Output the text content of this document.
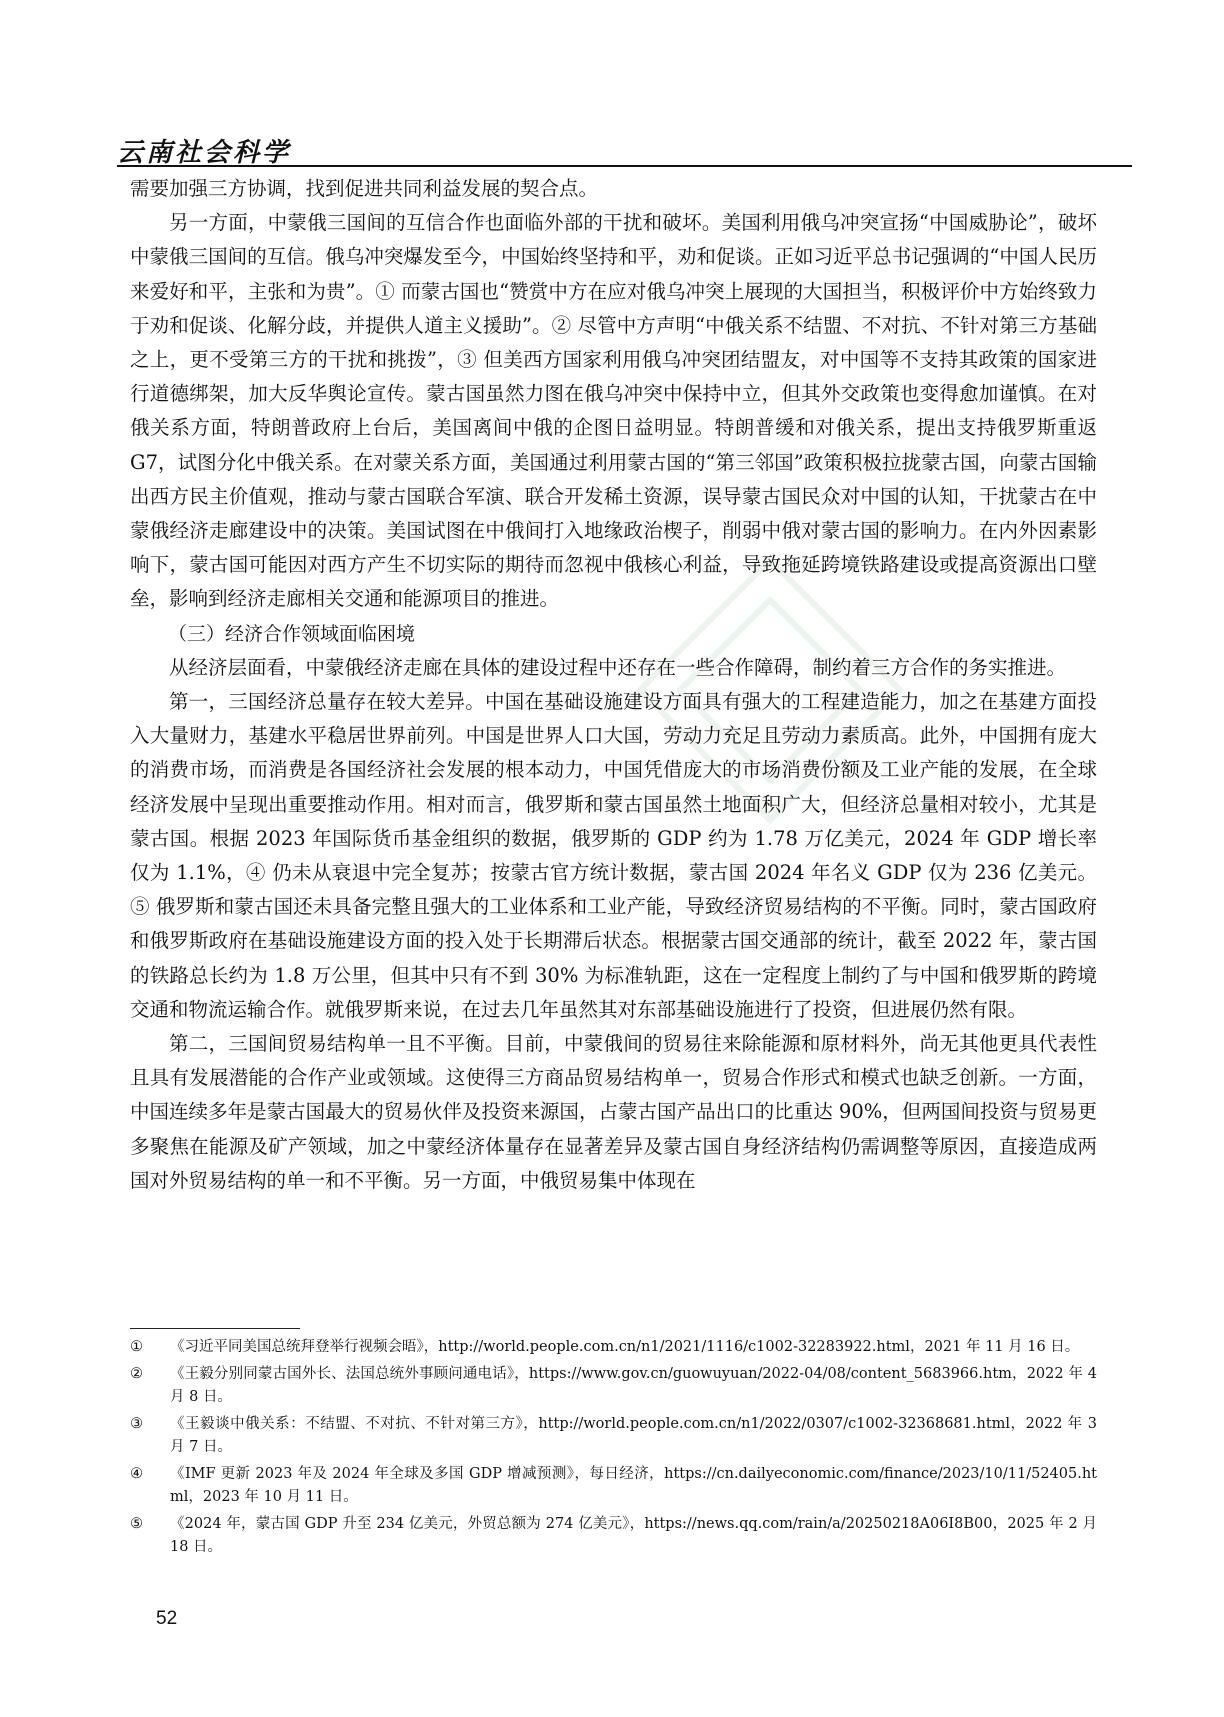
云南社会科学

需要加强三方协调，找到促进共同利益发展的契合点。

另一方面，中蒙俄三国间的互信合作也面临外部的干扰和破坏。美国利用俄乌冲突宣扬“中国威胁论”，破坏中蒙俄三国间的互信。俄乌冲突爆发至今，中国始终坚持和平，劝和促谈。正如习近平总书记强调的“中国人民历来爱好和平，主张和为贵”。① 而蒙古国也“赞赏中方在应对俄乌冲突上展现的大国担当，积极评价中方始终致力于劝和促谈、化解分歧，并提供人道主义援助”。② 尽管中方声明“中俄关系不结盟、不对抗、不针对第三方基础之上，更不受第三方的干扰和挑拨”，③ 但美西方国家利用俄乌冲突团结盟友，对中国等不支持其政策的国家进行道德绑架，加大反华舆论宣传。蒙古国虽然力图在俄乌冲突中保持中立，但其外交政策也变得愈加谨慎。在对俄关系方面，特朗普政府上台后，美国离间中俄的企图日益明显。特朗普缓和对俄关系，提出支持俄罗斯重返 G7，试图分化中俄关系。在对蒙关系方面，美国通过利用蒙古国的“第三邻国”政策积极拉拢蒙古国，向蒙古国输出西方民主价值观，推动与蒙古国联合军演、联合开发稀土资源，误导蒙古国民众对中国的认知，干扰蒙古在中蒙俄经济走廊建设中的决策。美国试图在中俄间打入地缘政治楔子，削弱中俄对蒙古国的影响力。在内外因素影响下，蒙古国可能因对西方产生不切实际的期待而忽视中俄核心利益，导致拖延跨境铁路建设或提高资源出口壁垒，影响到经济走廊相关交通和能源项目的推进。

（三）经济合作领域面临困境

从经济层面看，中蒙俄经济走廊在具体的建设过程中还存在一些合作障碍，制约着三方合作的务实推进。

第一，三国经济总量存在较大差异。中国在基础设施建设方面具有强大的工程建造能力，加之在基建方面投入大量财力，基建水平稳居世界前列。中国是世界人口大国，劳动力充足且劳动力素质高。此外，中国拥有庞大的消费市场，而消费是各国经济社会发展的根本动力，中国凭借庞大的市场消费份额及工业产能的发展，在全球经济发展中呈现出重要推动作用。相对而言，俄罗斯和蒙古国虽然土地面积广大，但经济总量相对较小，尤其是蒙古国。根据 2023 年国际货币基金组织的数据，俄罗斯的 GDP 约为 1.78 万亿美元，2024 年 GDP 增长率仅为 1.1%，④ 仍未从衰退中完全复苏；按蒙古官方统计数据，蒙古国 2024 年名义 GDP 仅为 236 亿美元。⑤ 俄罗斯和蒙古国还未具备完整且强大的工业体系和工业产能，导致经济贸易结构的不平衡。同时，蒙古国政府和俄罗斯政府在基础设施建设方面的投入处于长期滞后状态。根据蒙古国交通部的统计，截至 2022 年，蒙古国的铁路总长约为 1.8 万公里，但其中只有不到 30% 为标准轨距，这在一定程度上制约了与中国和俄罗斯的跨境交通和物流运输合作。就俄罗斯来说，在过去几年虽然其对东部基础设施进行了投资，但进展仍然有限。

第二，三国间贸易结构单一且不平衡。目前，中蒙俄间的贸易往来除能源和原材料外，尚无其他更具代表性且具有发展潜能的合作产业或领域。这使得三方商品贸易结构单一，贸易合作形式和模式也缺乏创新。一方面，中国连续多年是蒙古国最大的贸易伙伴及投资来源国，占蒙古国产品出口的比重达 90%，但两国间投资与贸易更多聚焦在能源及矿产领域，加之中蒙经济体量存在显著差异及蒙古国自身经济结构仍需调整等原因，直接造成两国对外贸易结构的单一和不平衡。另一方面，中俄贸易集中体现在

①	《习近平同美国总统拜登举行视频会晤》，http://world.people.com.cn/n1/2021/1116/c1002-32283922.html，2021 年 11 月 16 日。
②	《王毅分别同蒙古国外长、法国总统外事顾问通电话》，https://www.gov.cn/guowuyuan/2022-04/08/content_5683966.htm，2022 年 4 月 8 日。
③	《王毅谈中俄关系：不结盟、不对抗、不针对第三方》，http://world.people.com.cn/n1/2022/0307/c1002-32368681.html，2022 年 3 月 7 日。
④	《IMF 更新 2023 年及 2024 年全球及多国 GDP 增减预测》，每日经济，https://cn.dailyeconomic.com/finance/2023/10/11/52405.html，2023 年 10 月 11 日。
⑤	《2024 年，蒙古国 GDP 升至 234 亿美元，外贸总额为 274 亿美元》，https://news.qq.com/rain/a/20250218A06I8B00，2025 年 2 月 18 日。
52
